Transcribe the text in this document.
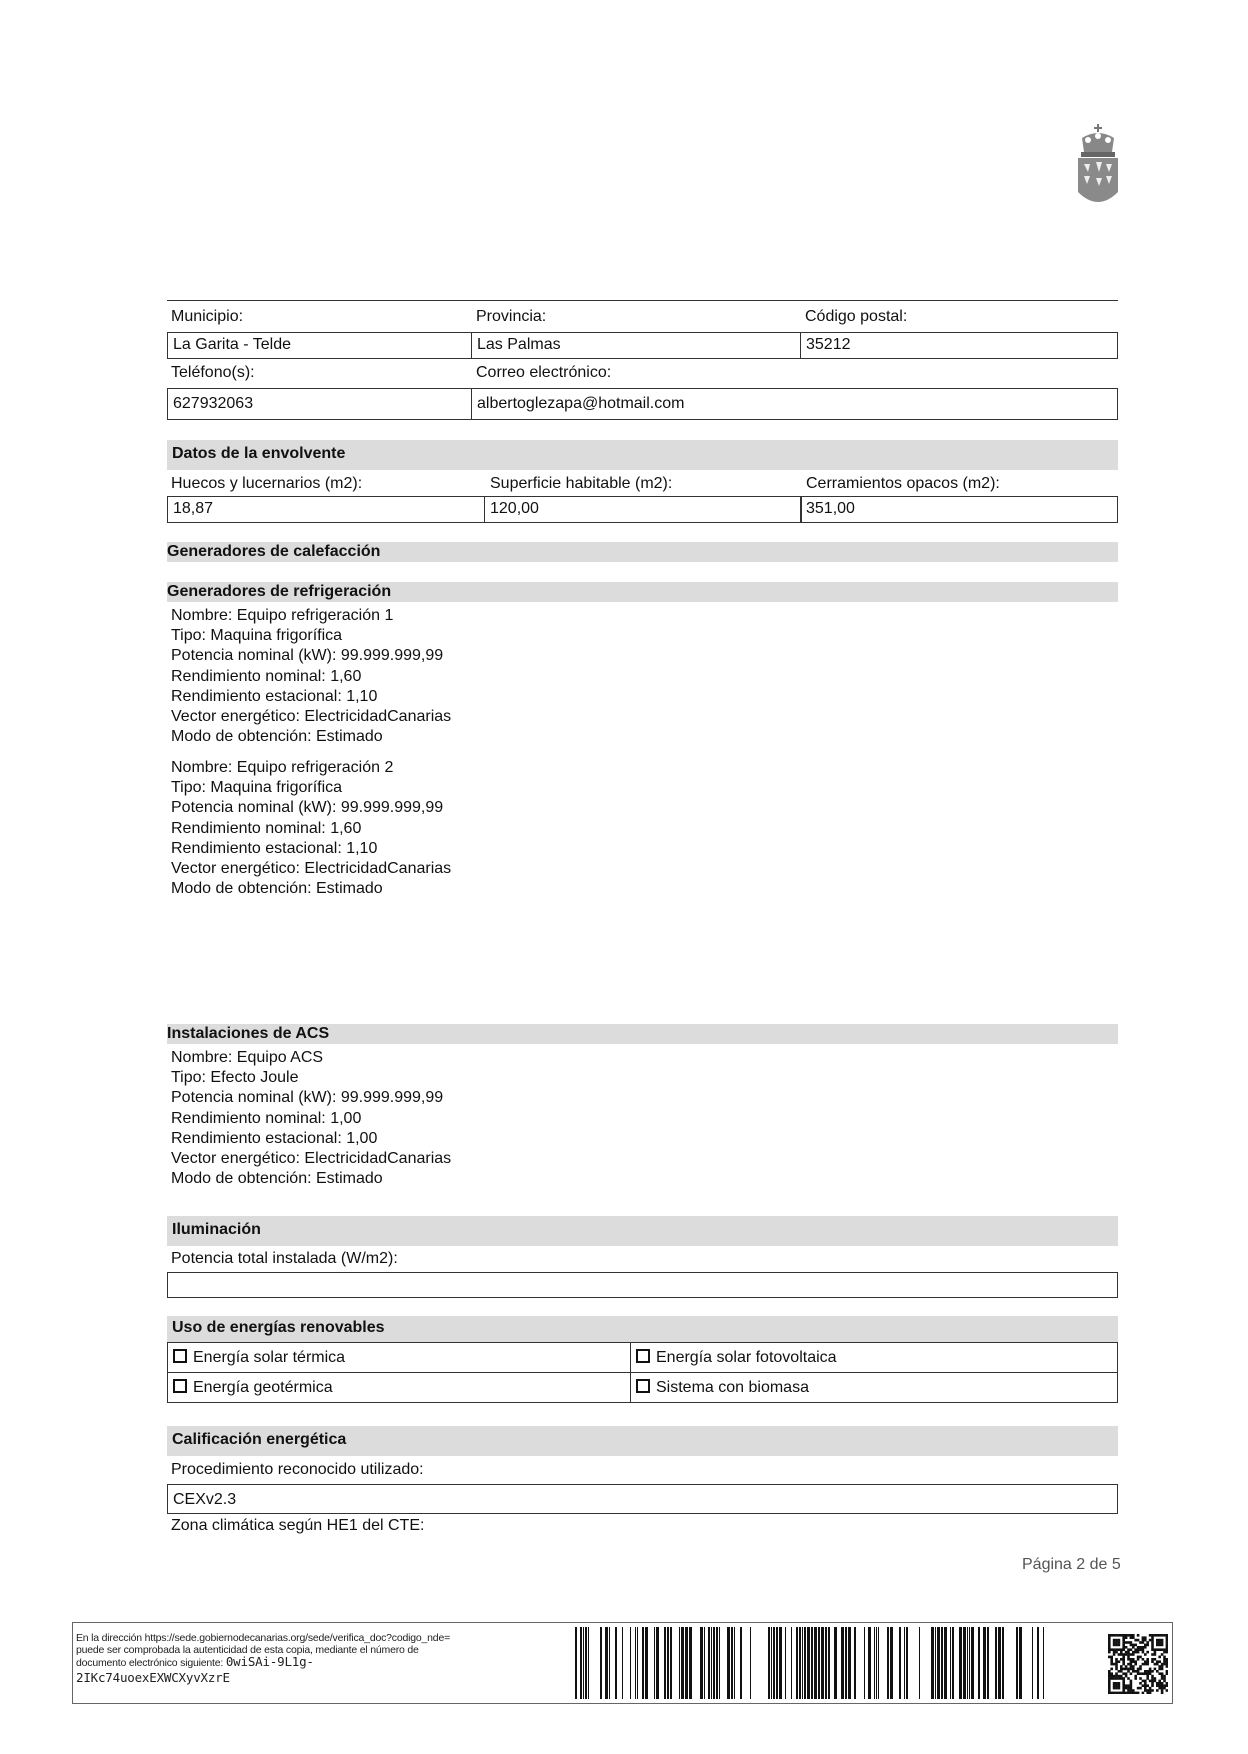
Municipio:	Provincia:	Código postal:
La Garita - Telde	Las Palmas	35212
Teléfono(s):	Correo electrónico:
627932063	albertoglezapa@hotmail.com
Datos de la envolvente
Huecos y lucernarios (m2):	Superficie habitable (m2):	Cerramientos opacos (m2):
18,87	120,00	351,00
Generadores de calefacción
Generadores de refrigeración
Nombre: Equipo refrigeración 1
Tipo: Maquina frigorífica
Potencia nominal (kW): 99.999.999,99
Rendimiento nominal: 1,60
Rendimiento estacional: 1,10
Vector energético: ElectricidadCanarias
Modo de obtención: Estimado
Nombre: Equipo refrigeración 2
Tipo: Maquina frigorífica
Potencia nominal (kW): 99.999.999,99
Rendimiento nominal: 1,60
Rendimiento estacional: 1,10
Vector energético: ElectricidadCanarias
Modo de obtención: Estimado
Instalaciones de ACS
Nombre: Equipo ACS
Tipo: Efecto Joule
Potencia nominal (kW): 99.999.999,99
Rendimiento nominal: 1,00
Rendimiento estacional: 1,00
Vector energético: ElectricidadCanarias
Modo de obtención: Estimado
Iluminación
Potencia total instalada (W/m2):
Uso de energías renovables
Energía solar térmica	Energía solar fotovoltaica
Energía geotérmica	Sistema con biomasa
Calificación energética
Procedimiento reconocido utilizado:
CEXv2.3
Zona climática según HE1 del CTE:
Página 2 de 5
En la dirección https://sede.gobiernodecanarias.org/sede/verifica_doc?codigo_nde=
puede ser comprobada la autenticidad de esta copia, mediante el número de
documento electrónico siguiente: 0wiSAi-9L1g-
2IKc74uoexEXWCXyvXzrE
